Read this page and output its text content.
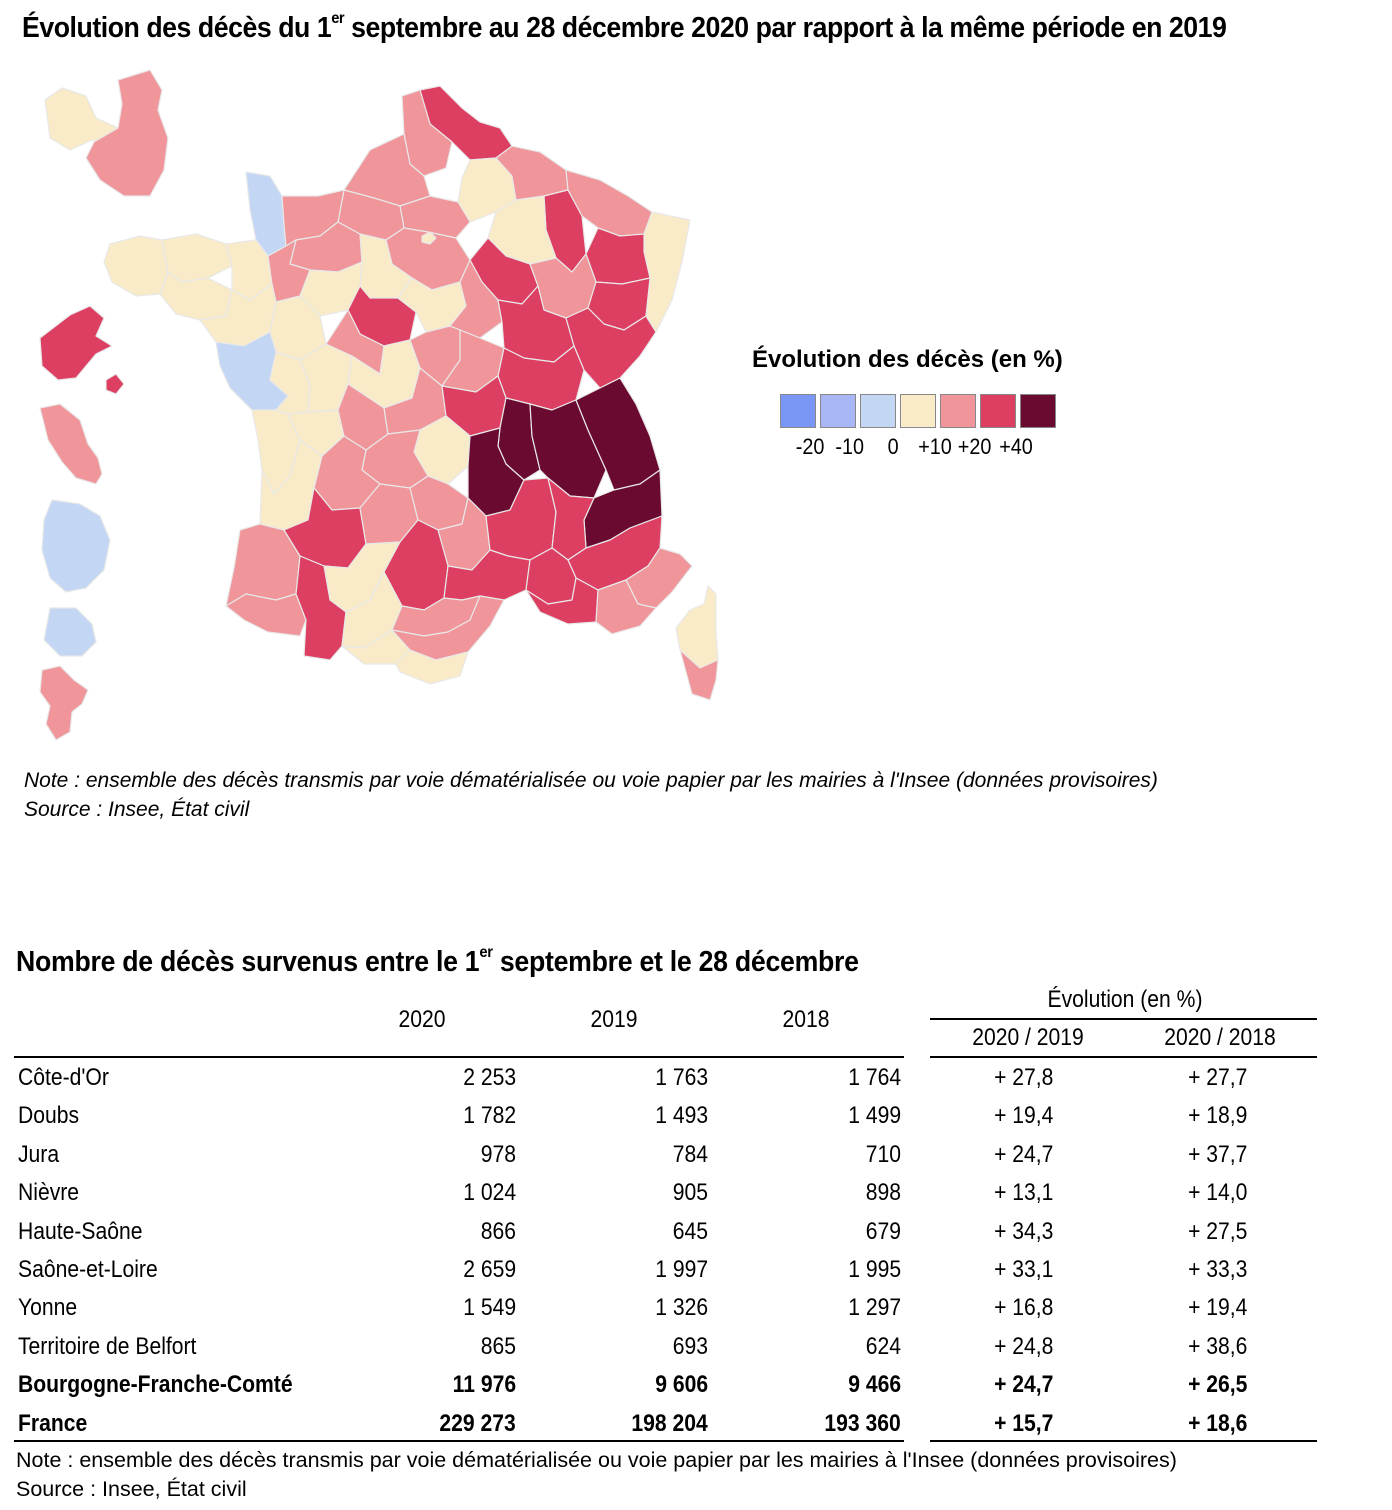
Évolution des décès du 1er septembre au 28 décembre 2020 par rapport à la même période en 2019
Évolution des décès (en %)
-20 -10 0 +10 +20 +40
Note : ensemble des décès transmis par voie dématérialisée ou voie papier par les mairies à l'Insee (données provisoires)
Source : Insee, État civil
Nombre de décès survenus entre le 1er septembre et le 28 décembre
2020	2019	2018
Évolution (en %)
2020 / 2019	2020 / 2018
Côte-d'Or	2 253	1 763	1 764	+ 27,8	+ 27,7
Doubs	1 782	1 493	1 499	+ 19,4	+ 18,9
Jura	978	784	710	+ 24,7	+ 37,7
Nièvre	1 024	905	898	+ 13,1	+ 14,0
Haute-Saône	866	645	679	+ 34,3	+ 27,5
Saône-et-Loire	2 659	1 997	1 995	+ 33,1	+ 33,3
Yonne	1 549	1 326	1 297	+ 16,8	+ 19,4
Territoire de Belfort	865	693	624	+ 24,8	+ 38,6
Bourgogne-Franche-Comté	11 976	9 606	9 466	+ 24,7	+ 26,5
France	229 273	198 204	193 360	+ 15,7	+ 18,6
Note : ensemble des décès transmis par voie dématérialisée ou voie papier par les mairies à l'Insee (données provisoires)
Source : Insee, État civil
